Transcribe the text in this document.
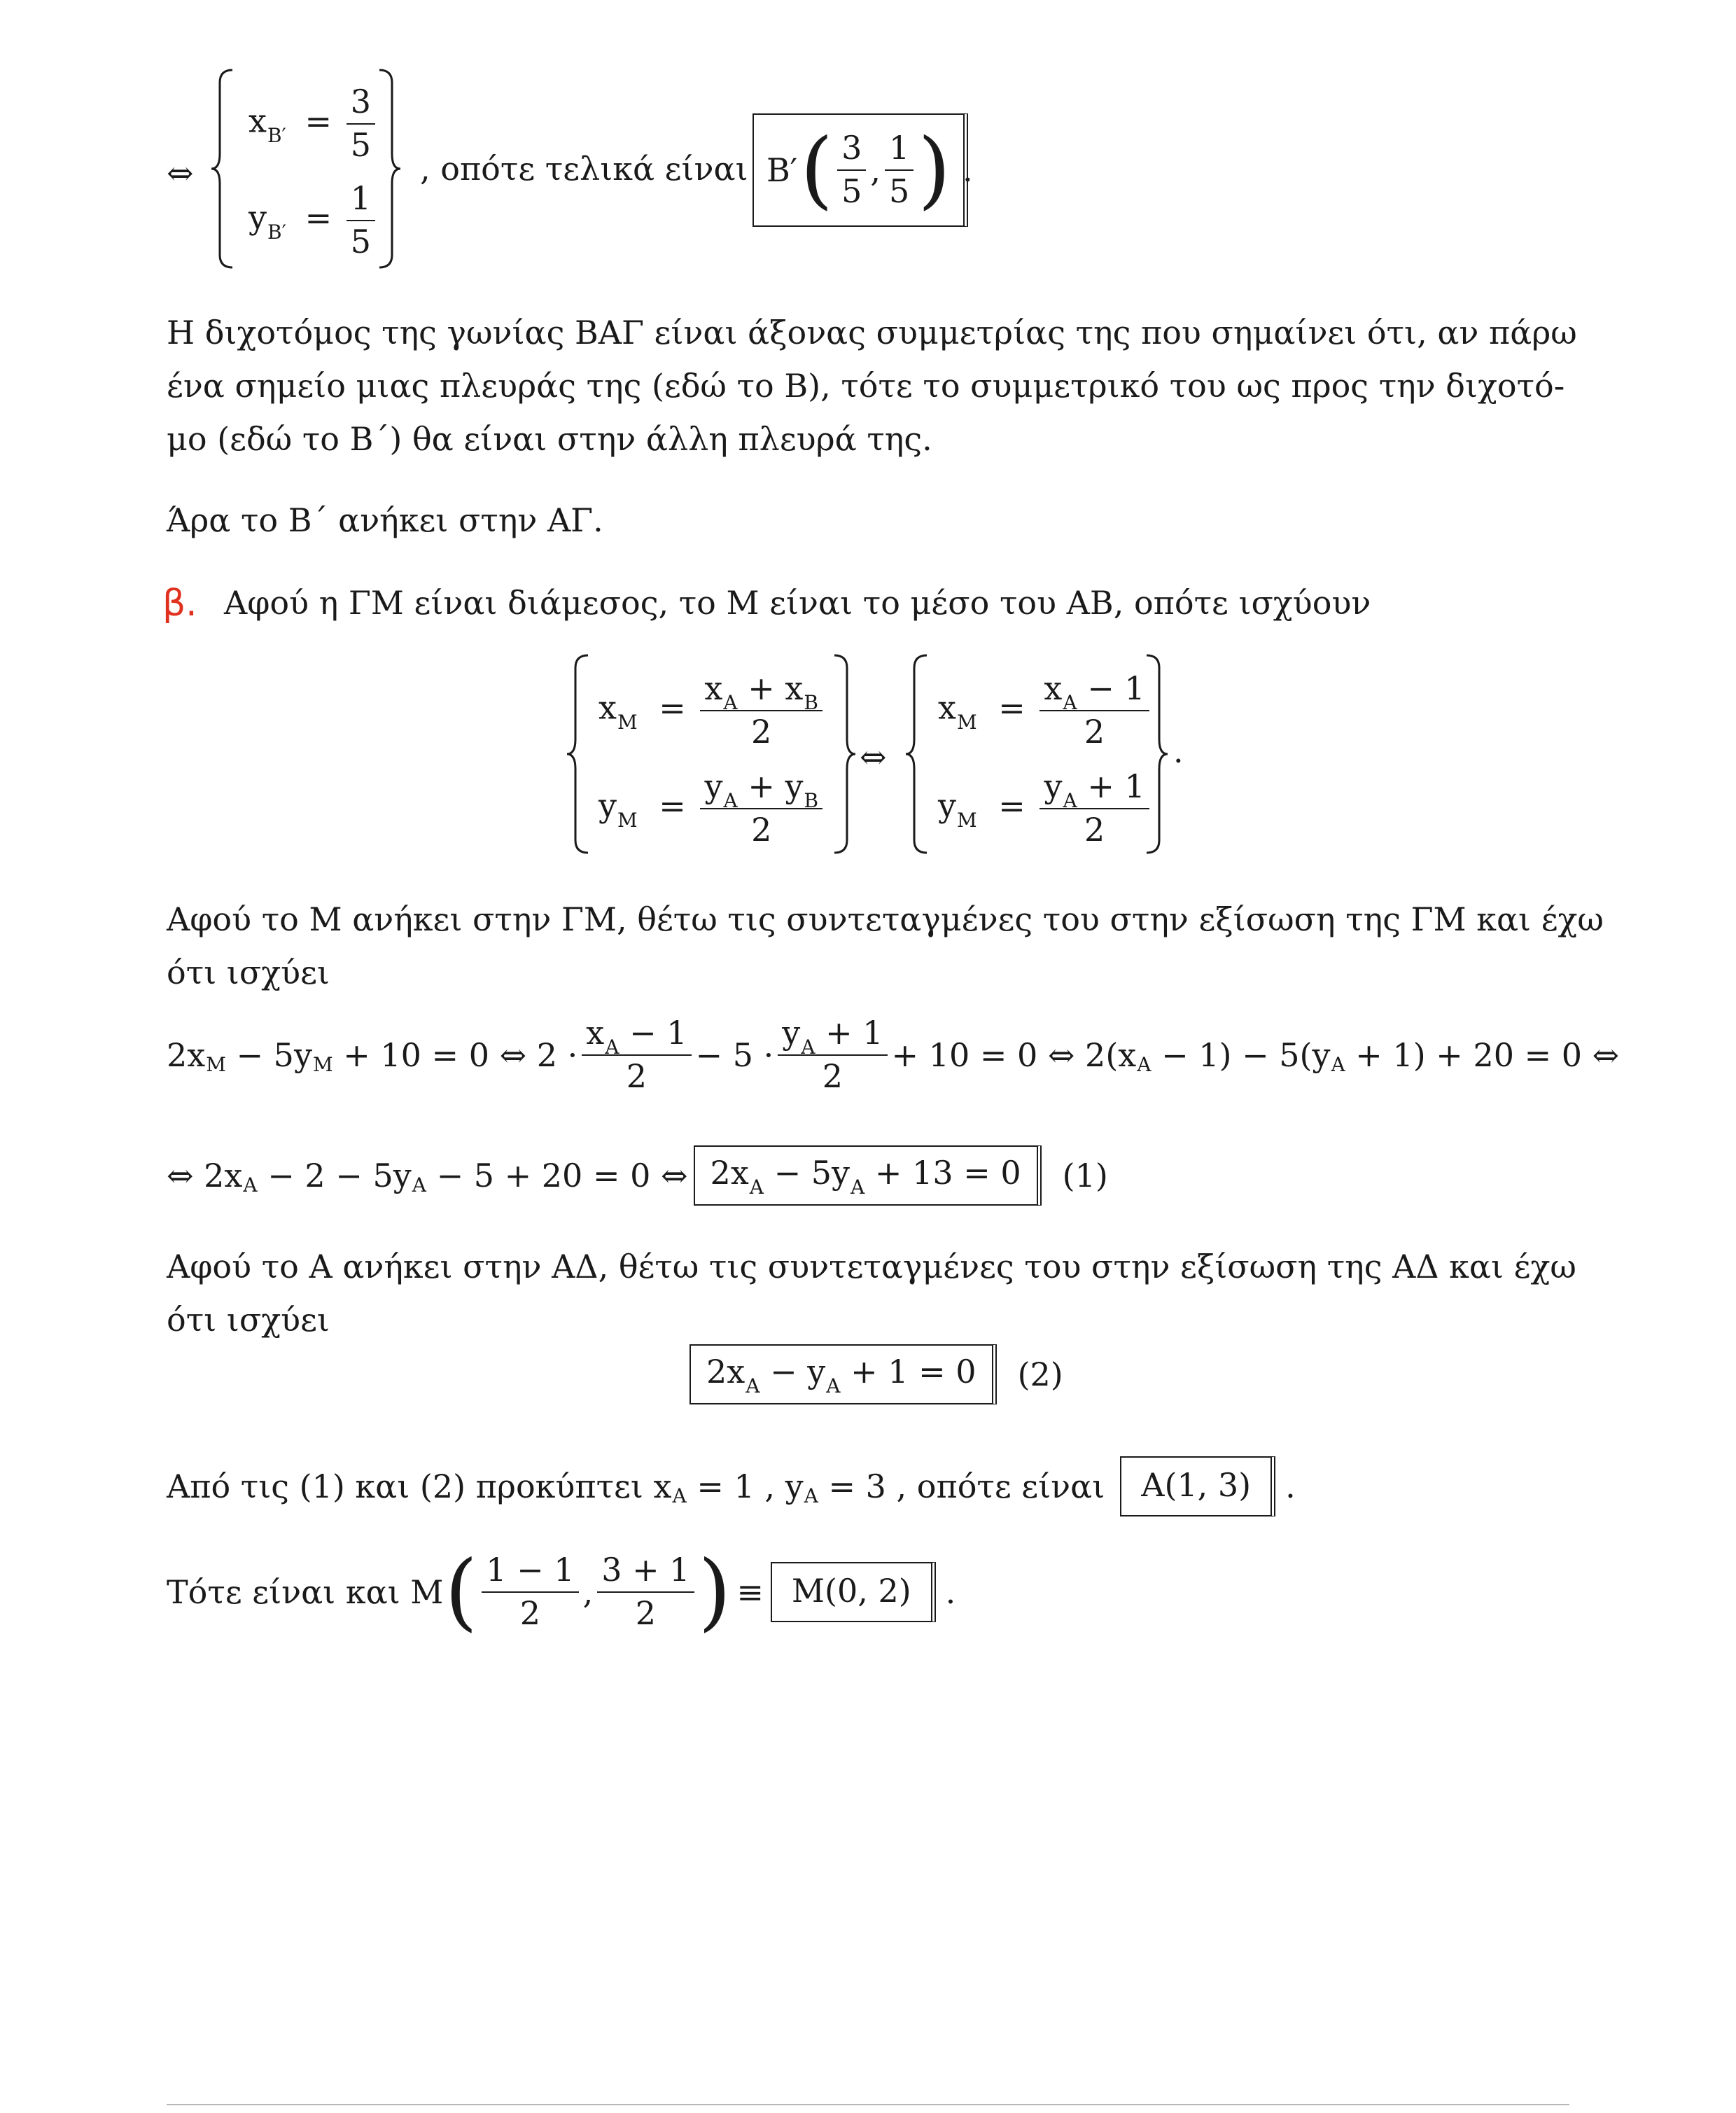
⇔
$x_{B'} = \frac{3}{5}$
$y_{B'} = \frac{1}{5}$
, οπότε τελικά είναι B′ ( $\frac{3}{5}$ , $\frac{1}{5}$ ) .
Η διχοτόμος της γωνίας ΒΑΓ είναι άξονας συμμετρίας της που σημαίνει ότι, αν πάρω
ένα σημείο μιας πλευράς της (εδώ το Β), τότε το συμμετρικό του ως προς την διχοτό-
μο (εδώ το Β΄) θα είναι στην άλλη πλευρά της.
Άρα το Β΄ ανήκει στην ΑΓ.
β. Αφού η ΓΜ είναι διάμεσος, το Μ είναι το μέσο του ΑΒ, οπότε ισχύουν
$x_M = \frac{x_A + x_B}{2}$
$y_M = \frac{y_A + y_B}{2}$
⇔
$x_M = \frac{x_A - 1}{2}$
$y_M = \frac{y_A + 1}{2}$
.
Αφού το Μ ανήκει στην ΓΜ, θέτω τις συντεταγμένες του στην εξίσωση της ΓΜ και έχω
ότι ισχύει
2x M − 5y M + 10 = 0 ⇔ $2 \cdot \frac{x_A - 1}{2} - 5 \cdot \frac{y_A + 1}{2} + 10 = 0$ ⇔ 2(x A − 1) − 5(y A + 1) + 20 = 0 ⇔
⇔ 2x A − 2 − 5y A − 5 + 20 = 0 ⇔ $2x_A - 5y_A + 13 = 0$	(1)
Αφού το Α ανήκει στην ΑΔ, θέτω τις συντεταγμένες του στην εξίσωση της ΑΔ και έχω
ότι ισχύει
$2x_A - y_A + 1 = 0$	(2)
Από τις (1) και (2) προκύπτει x A = 1 , y A = 3 , οπότε είναι	A(1, 3)	.
Τότε είναι και M ( $\frac{1 - 1}{2}$ , $\frac{3 + 1}{2}$ ) ≡ M(0, 2)	.
